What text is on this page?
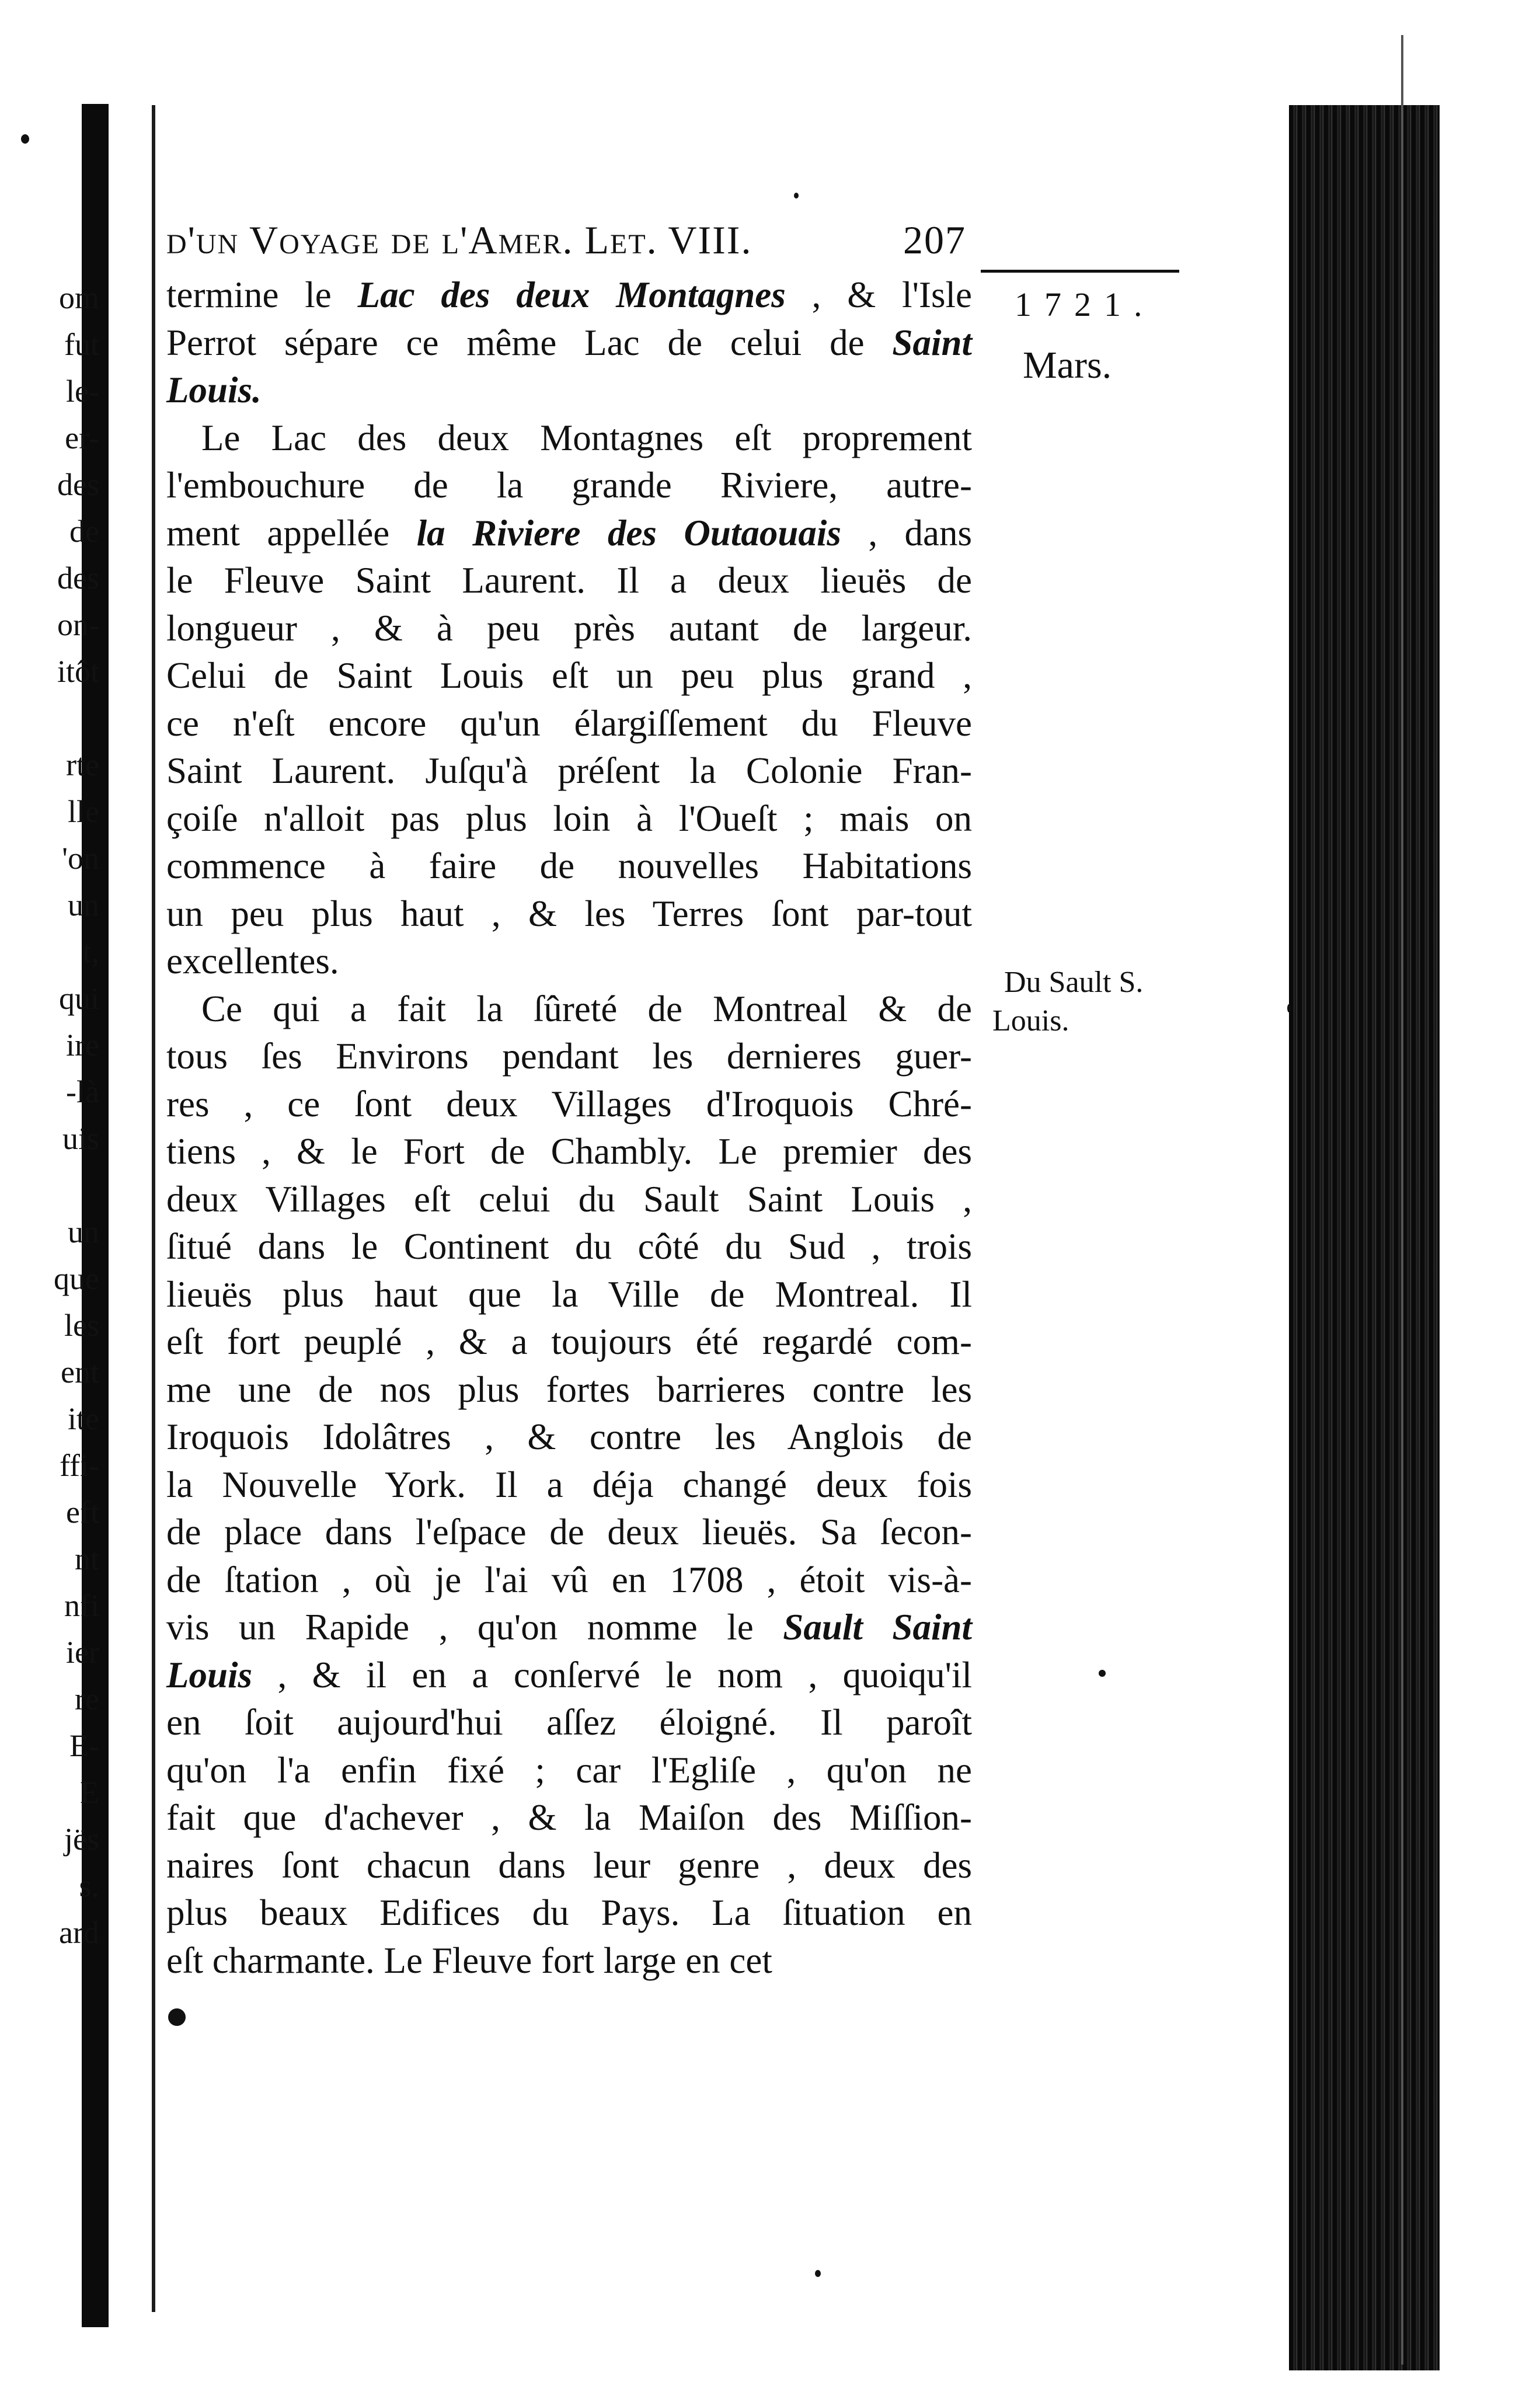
om
fut
le-
er-
des
de
des
on-
itôt
rte
lle
'on
un
t,
qui
ire
-là
uis
un
que
les
ent
ite
ffi-
eft
nt
nfi
ier
re
E-
E
jës
s.
ard
d'un Voyage de l'Amer. Let. VIII.	207
1721.
Mars.
Du Sault S.
Louis.
termine le Lac des deux Montagnes , & l'Isle
Perrot sépare ce même Lac de celui de Saint
Louis.
Le Lac des deux Montagnes eſt proprement
l'embouchure de la grande Riviere, autre-
ment appellée la Riviere des Outaouais , dans
le Fleuve Saint Laurent. Il a deux lieuës de
longueur , & à peu près autant de largeur.
Celui de Saint Louis eſt un peu plus grand ,
ce n'eſt encore qu'un élargiſſement du Fleuve
Saint Laurent. Juſqu'à préſent la Colonie Fran-
çoiſe n'alloit pas plus loin à l'Oueſt ; mais on
commence à faire de nouvelles Habitations
un peu plus haut , & les Terres ſont par-tout
excellentes.
Ce qui a fait la ſûreté de Montreal & de
tous ſes Environs pendant les dernieres guer-
res , ce ſont deux Villages d'Iroquois Chré-
tiens , & le Fort de Chambly. Le premier des
deux Villages eſt celui du Sault Saint Louis ,
ſitué dans le Continent du côté du Sud , trois
lieuës plus haut que la Ville de Montreal. Il
eſt fort peuplé , & a toujours été regardé com-
me une de nos plus fortes barrieres contre les
Iroquois Idolâtres , & contre les Anglois de
la Nouvelle York. Il a déja changé deux fois
de place dans l'eſpace de deux lieuës. Sa ſecon-
de ſtation , où je l'ai vû en 1708 , étoit vis-à-
vis un Rapide , qu'on nomme le Sault Saint
Louis , & il en a conſervé le nom , quoiqu'il
en ſoit aujourd'hui aſſez éloigné. Il paroît
qu'on l'a enfin fixé ; car l'Egliſe , qu'on ne
fait que d'achever , & la Maiſon des Miſſion-
naires ſont chacun dans leur genre , deux des
plus beaux Edifices du Pays. La ſituation en
eſt charmante. Le Fleuve fort large en cet
